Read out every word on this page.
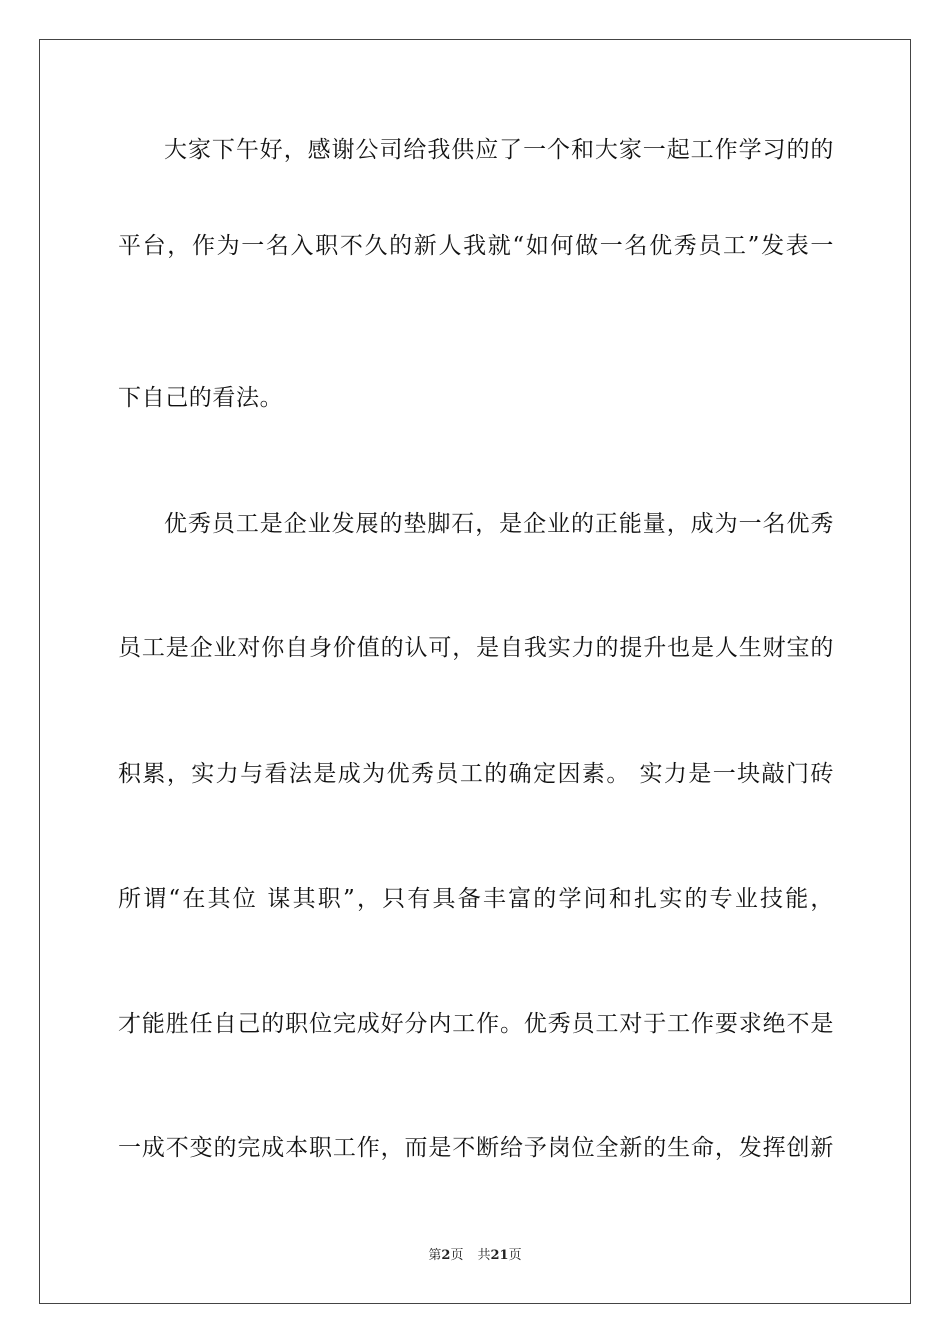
大家下午好，感谢公司给我供应了一个和大家一起工作学习的的
平台，作为一名入职不久的新人我就“如何做一名优秀员工”发表一
下自己的看法。
优秀员工是企业发展的垫脚石，是企业的正能量，成为一名优秀
员工是企业对你自身价值的认可，是自我实力的提升也是人生财宝的
积累，实力与看法是成为优秀员工的确定因素。 实力是一块敲门砖
所谓“在其位 谋其职”，只有具备丰富的学问和扎实的专业技能，
才能胜任自己的职位完成好分内工作。优秀员工对于工作要求绝不是
一成不变的完成本职工作，而是不断给予岗位全新的生命，发挥创新
第2页 共21页
